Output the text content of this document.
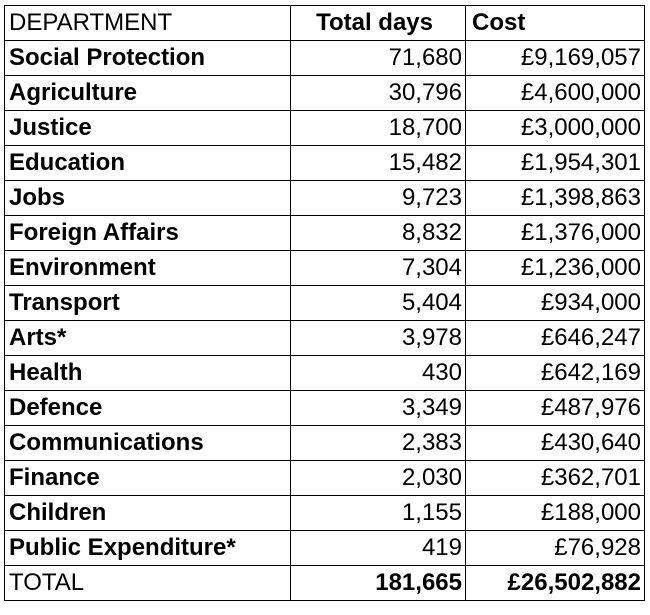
DEPARTMENT	Total days	Cost
Social Protection	71,680	£9,169,057
Agriculture	30,796	£4,600,000
Justice	18,700	£3,000,000
Education	15,482	£1,954,301
Jobs	9,723	£1,398,863
Foreign Affairs	8,832	£1,376,000
Environment	7,304	£1,236,000
Transport	5,404	£934,000
Arts*	3,978	£646,247
Health	430	£642,169
Defence	3,349	£487,976
Communications	2,383	£430,640
Finance	2,030	£362,701
Children	1,155	£188,000
Public Expenditure*	419	£76,928
TOTAL	181,665	£26,502,882
